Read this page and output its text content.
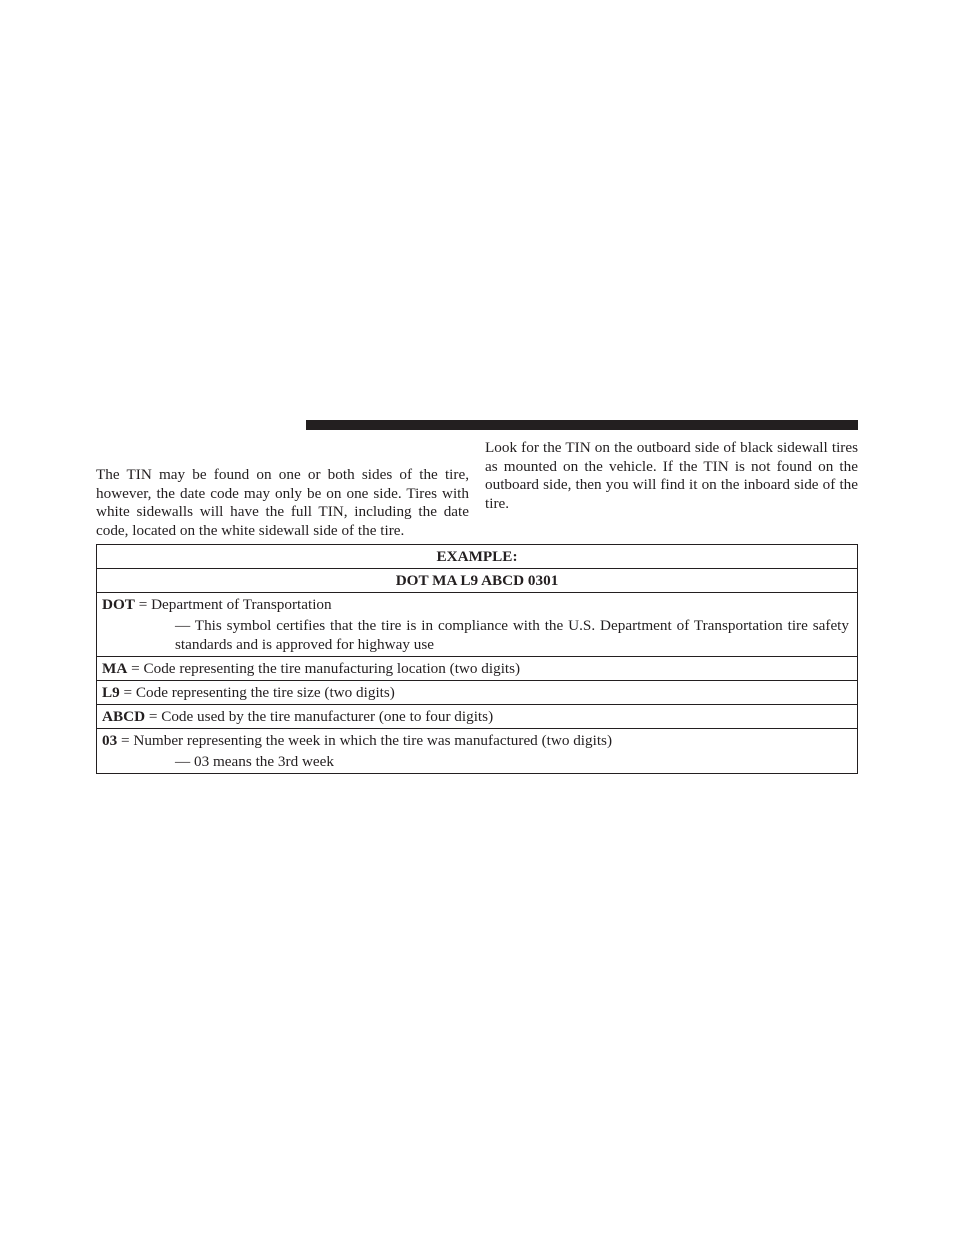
The TIN may be found on one or both sides of the tire, however, the date code may only be on one side. Tires with white sidewalls will have the full TIN, including the date code, located on the white sidewall side of the tire.
Look for the TIN on the outboard side of black sidewall tires as mounted on the vehicle. If the TIN is not found on the outboard side, then you will find it on the inboard side of the tire.
EXAMPLE:
DOT MA L9 ABCD 0301

DOT = Department of Transportation
— This symbol certifies that the tire is in compliance with the U.S. Department of Transportation tire safety standards and is approved for highway use

MA = Code representing the tire manufacturing location (two digits)
L9 = Code representing the tire size (two digits)
ABCD = Code used by the tire manufacturer (one to four digits)

03 = Number representing the week in which the tire was manufactured (two digits)
— 03 means the 3rd week
